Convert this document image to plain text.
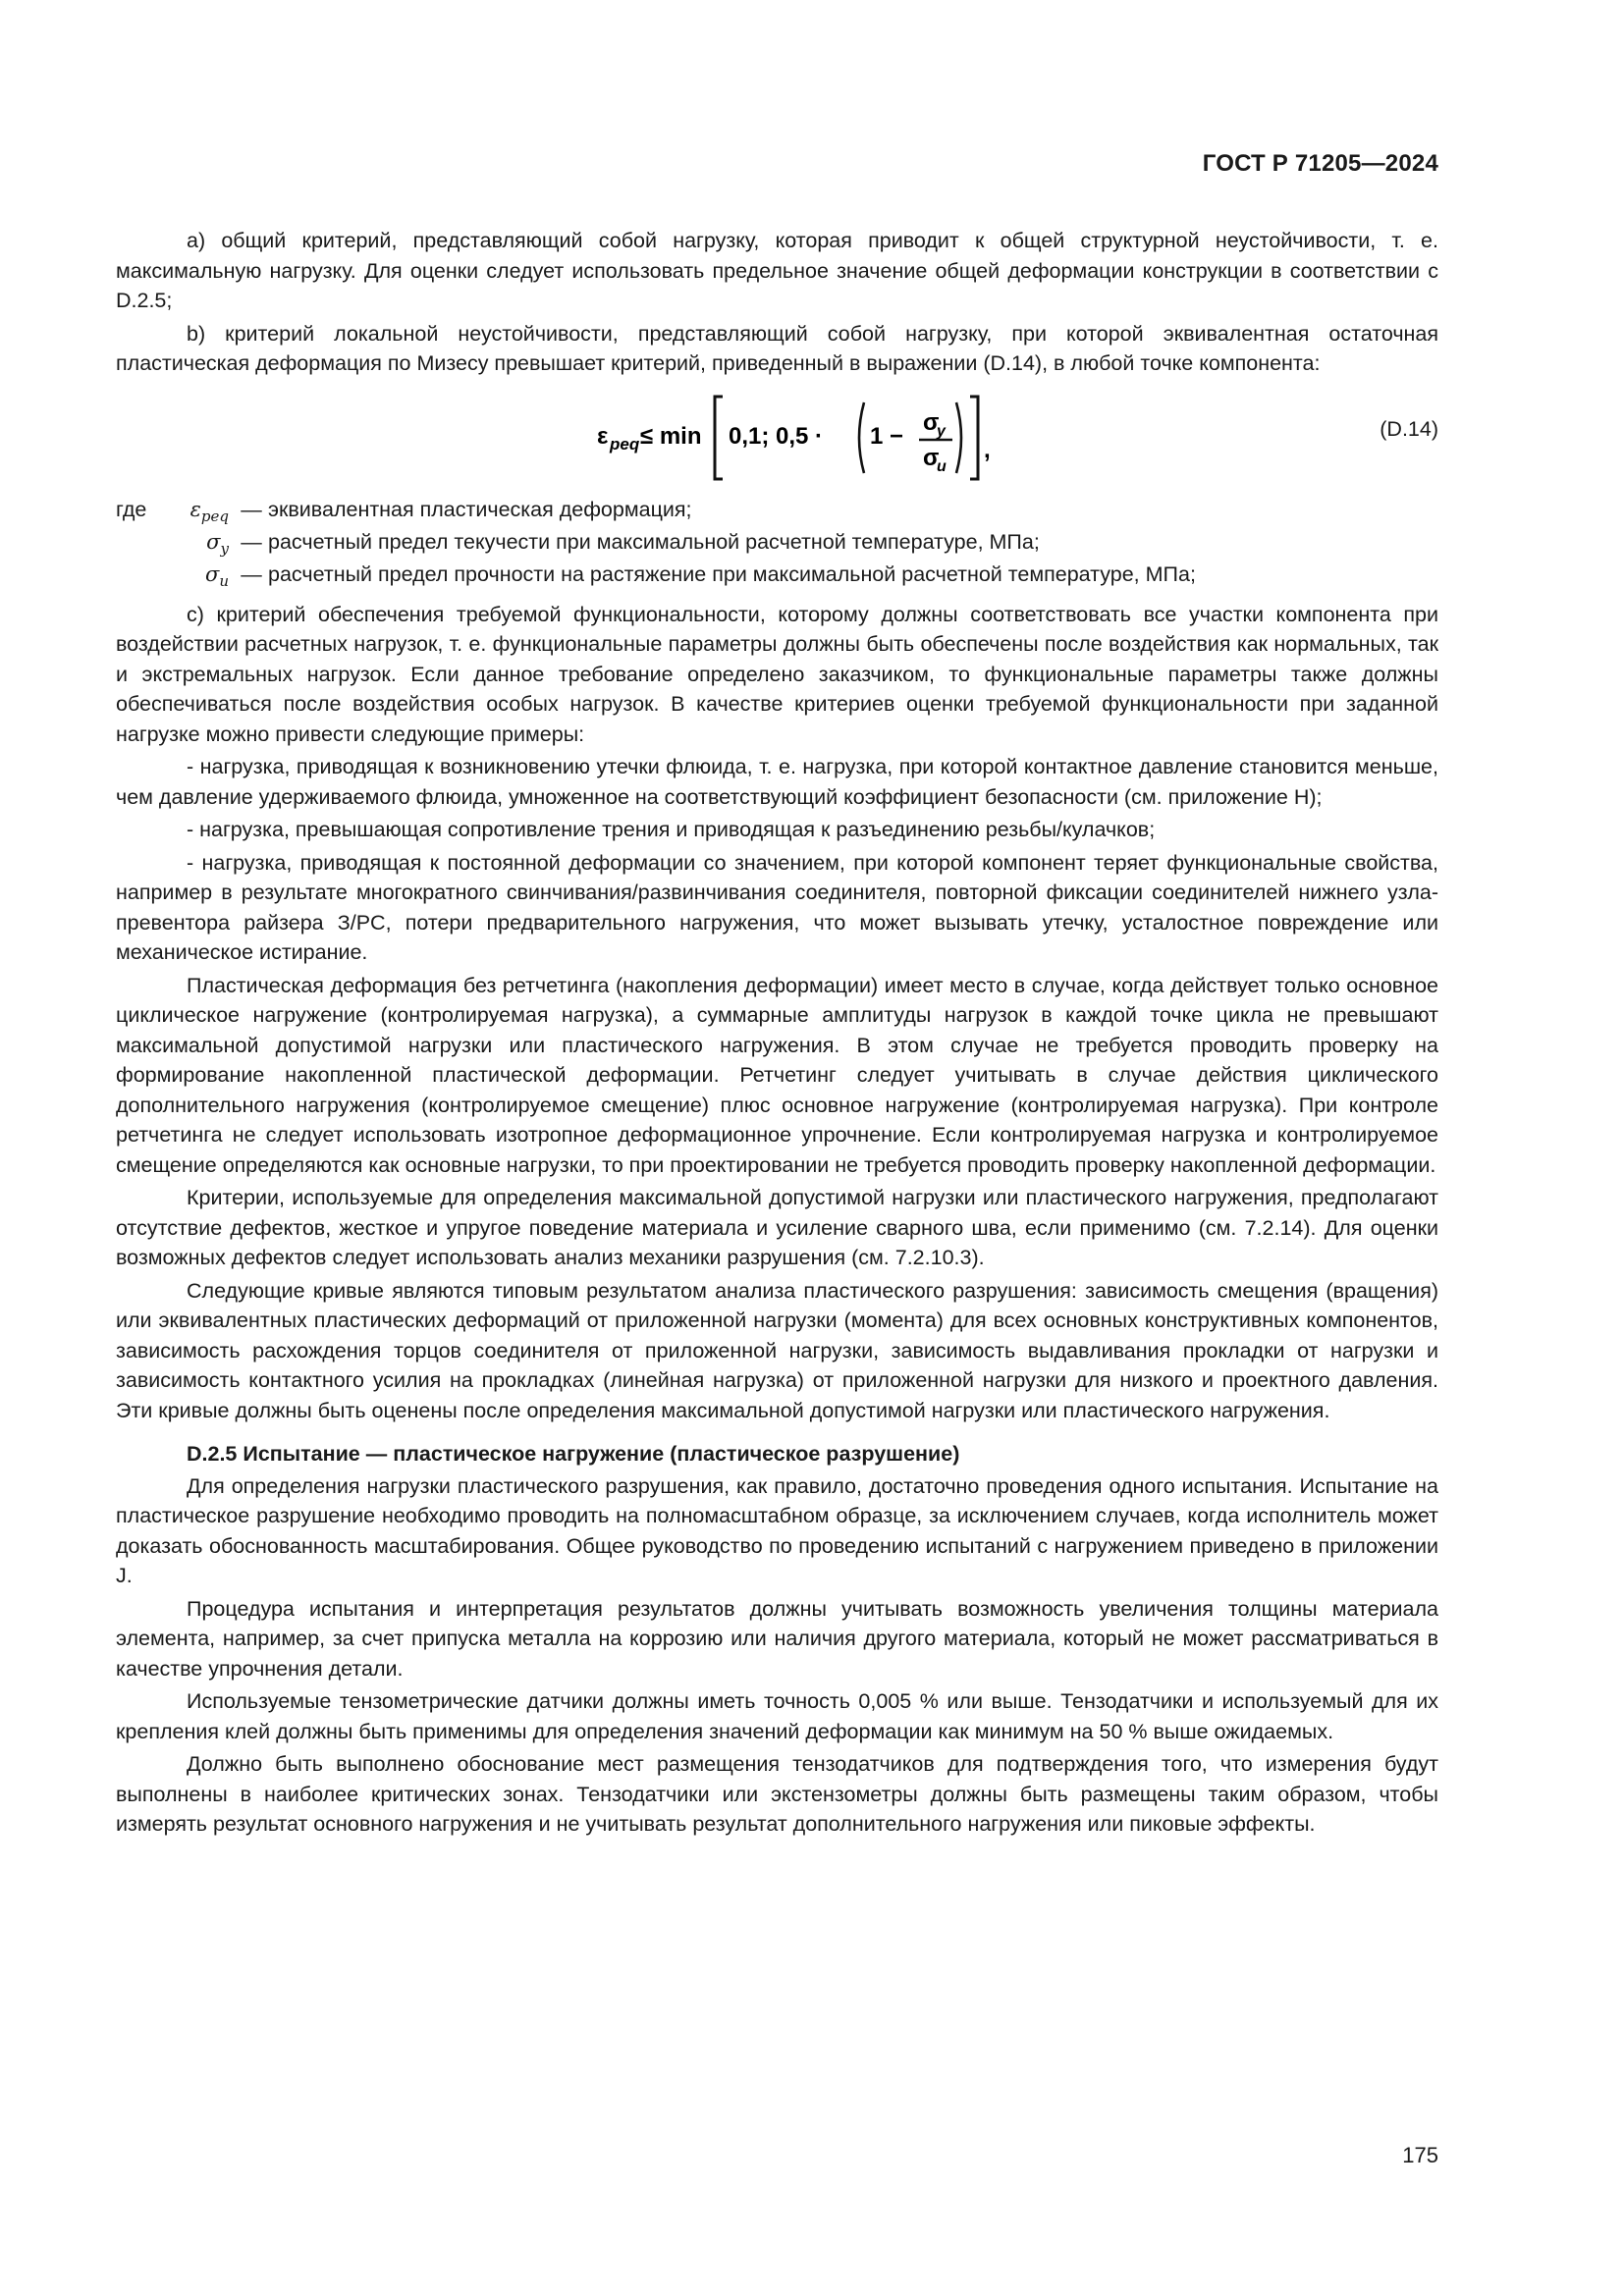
ГОСТ Р 71205—2024

а) общий критерий, представляющий собой нагрузку, которая приводит к общей структурной неустойчивости, т. е. максимальную нагрузку. Для оценки следует использовать предельное значение общей деформации конструкции в соответствии с D.2.5;

b) критерий локальной неустойчивости, представляющий собой нагрузку, при которой эквивалентная остаточная пластическая деформация по Мизесу превышает критерий, приведенный в выражении (D.14), в любой точке компонента:

ε peq ≤ min 0,1; 0,5 · 1 −
σ
y
σ
u
,
(D.14)
где	$\varepsilon_{peq}$ — эквивалентная пластическая деформация;
$\sigma_y$ — расчетный предел текучести при максимальной расчетной температуре, МПа;
$\sigma_u$ — расчетный предел прочности на растяжение при максимальной расчетной температуре, МПа;

с) критерий обеспечения требуемой функциональности, которому должны соответствовать все участки компонента при воздействии расчетных нагрузок, т. е. функциональные параметры должны быть обеспечены после воздействия как нормальных, так и экстремальных нагрузок. Если данное требование определено заказчиком, то функциональные параметры также должны обеспечиваться после воздействия особых нагрузок. В качестве критериев оценки требуемой функциональности при заданной нагрузке можно привести следующие примеры:

- нагрузка, приводящая к возникновению утечки флюида, т. е. нагрузка, при которой контактное давление становится меньше, чем давление удерживаемого флюида, умноженное на соответствующий коэффициент безопасности (см. приложение Н);

- нагрузка, превышающая сопротивление трения и приводящая к разъединению резьбы/кулачков;

- нагрузка, приводящая к постоянной деформации со значением, при которой компонент теряет функциональные свойства, например в результате многократного свинчивания/развинчивания соединителя, повторной фиксации соединителей нижнего узла-превентора райзера З/PC, потери предварительного нагружения, что может вызывать утечку, усталостное повреждение или механическое истирание.

Пластическая деформация без ретчетинга (накопления деформации) имеет место в случае, когда действует только основное циклическое нагружение (контролируемая нагрузка), а суммарные амплитуды нагрузок в каждой точке цикла не превышают максимальной допустимой нагрузки или пластического нагружения. В этом случае не требуется проводить проверку на формирование накопленной пластической деформации. Ретчетинг следует учитывать в случае действия циклического дополнительного нагружения (контролируемое смещение) плюс основное нагружение (контролируемая нагрузка). При контроле ретчетинга не следует использовать изотропное деформационное упрочнение. Если контролируемая нагрузка и контролируемое смещение определяются как основные нагрузки, то при проектировании не требуется проводить проверку накопленной деформации.

Критерии, используемые для определения максимальной допустимой нагрузки или пластического нагружения, предполагают отсутствие дефектов, жесткое и упругое поведение материала и усиление сварного шва, если применимо (см. 7.2.14). Для оценки возможных дефектов следует использовать анализ механики разрушения (см. 7.2.10.3).

Следующие кривые являются типовым результатом анализа пластического разрушения: зависимость смещения (вращения) или эквивалентных пластических деформаций от приложенной нагрузки (момента) для всех основных конструктивных компонентов, зависимость расхождения торцов соединителя от приложенной нагрузки, зависимость выдавливания прокладки от нагрузки и зависимость контактного усилия на прокладках (линейная нагрузка) от приложенной нагрузки для низкого и проектного давления. Эти кривые должны быть оценены после определения максимальной допустимой нагрузки или пластического нагружения.

D.2.5 Испытание — пластическое нагружение (пластическое разрушение)

Для определения нагрузки пластического разрушения, как правило, достаточно проведения одного испытания. Испытание на пластическое разрушение необходимо проводить на полномасштабном образце, за исключением случаев, когда исполнитель может доказать обоснованность масштабирования. Общее руководство по проведению испытаний с нагружением приведено в приложении J.

Процедура испытания и интерпретация результатов должны учитывать возможность увеличения толщины материала элемента, например, за счет припуска металла на коррозию или наличия другого материала, который не может рассматриваться в качестве упрочнения детали.

Используемые тензометрические датчики должны иметь точность 0,005 % или выше. Тензодатчики и используемый для их крепления клей должны быть применимы для определения значений деформации как минимум на 50 % выше ожидаемых.

Должно быть выполнено обоснование мест размещения тензодатчиков для подтверждения того, что измерения будут выполнены в наиболее критических зонах. Тензодатчики или экстензометры должны быть размещены таким образом, чтобы измерять результат основного нагружения и не учитывать результат дополнительного нагружения или пиковые эффекты.

175
